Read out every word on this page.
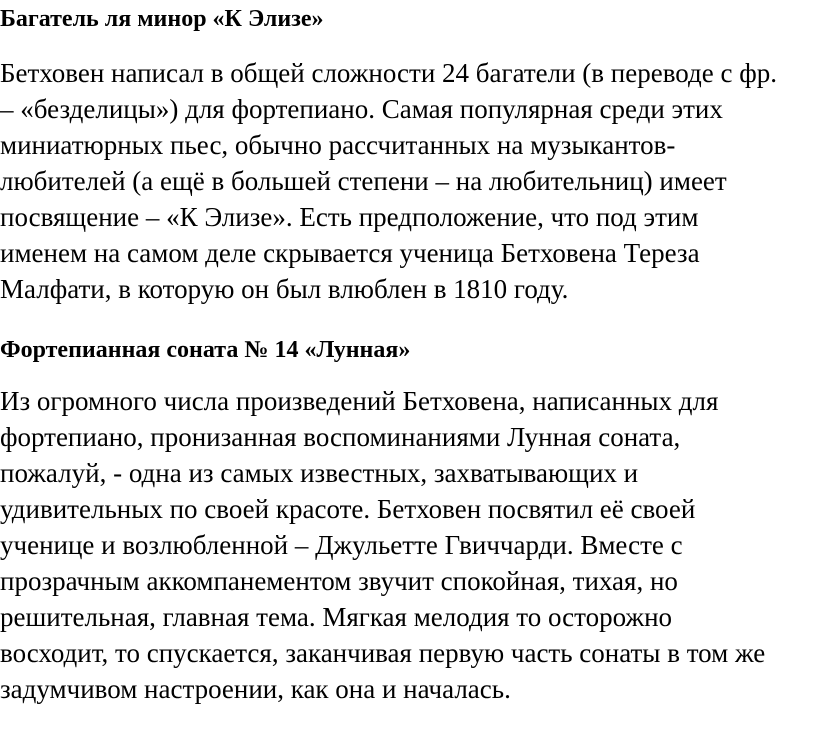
Багатель ля минор «К Элизе»
Бетховен написал в общей сложности 24 багатели (в переводе с фр.
– «безделицы») для фортепиано. Самая популярная среди этих
миниатюрных пьес, обычно рассчитанных на музыкантов-
любителей (а ещё в большей степени – на любительниц) имеет
посвящение – «К Элизе». Есть предположение, что под этим
именем на самом деле скрывается ученица Бетховена Тереза
Малфати, в которую он был влюблен в 1810 году.
Фортепианная соната № 14 «Лунная»
Из огромного числа произведений Бетховена, написанных для
фортепиано, пронизанная воспоминаниями Лунная соната,
пожалуй, - одна из самых известных, захватывающих и
удивительных по своей красоте. Бетховен посвятил её своей
ученице и возлюбленной – Джульетте Гвиччарди. Вместе с
прозрачным аккомпанементом звучит спокойная, тихая, но
решительная, главная тема. Мягкая мелодия то осторожно
восходит, то спускается, заканчивая первую часть сонаты в том же
задумчивом настроении, как она и началась.
